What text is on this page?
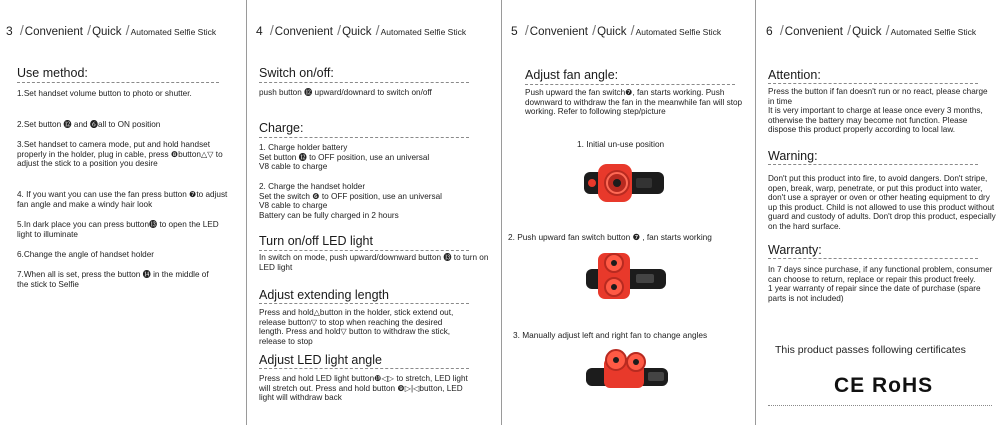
3 /Convenient /Quick /Automated Selfie Stick
Use method:
1.Set handset volume button to photo or shutter.
2.Set button ⓬ and ❻all to ON position
3.Set handset to camera mode, put and hold handset properly in the holder, plug in cable, press ❽button△▽ to adjust the stick to a position you desire
4. If you want you can use the fan press button ❼to adjust fan angle and make a windy hair look
5.In dark place you can press button⓭ to open the LED light to illuminate
6.Change the angle of handset holder
7.When all is set, press the button ⓮ in the middle of the stick to Selfie
4 /Convenient /Quick /Automated Selfie Stick
Switch on/off:
push button ⓬ upward/downard to switch on/off
Charge:
1. Charge holder battery
Set button ⓬ to OFF position, use an universal V8 cable to charge
2. Charge the handset holder
Set the switch ❻ to OFF position, use an universal V8 cable to charge
Battery can be fully charged in 2 hours
Turn on/off LED light
In switch on mode, push upward/downward button ⓭ to turn on LED light
Adjust extending length
Press and hold△button in the holder, stick extend out, release button▽ to stop when reaching the desired length. Press and hold▽ button to withdraw the stick, release to stop
Adjust LED light angle
Press and hold LED light button❿◁▷ to stretch, LED light will stretch out. Press and hold button ❾▷|◁button, LED light will withdraw back
5 /Convenient /Quick /Automated Selfie Stick
Adjust fan angle:
Push upward the fan switch❼, fan starts working. Push downward to withdraw the fan in the meanwhile fan will stop working. Refer to following step/picture
1. Initial un-use position
2. Push upward fan switch button ❼ , fan starts working
3. Manually adjust left and right fan to change angles
6 /Convenient /Quick /Automated Selfie Stick
Attention:
Press the button if fan doesn't run or no react, please charge in time
It is very important to charge at lease once every 3 months, otherwise the battery may become not function. Please dispose this product properly according to local law.
Warning:
Don't put this product into fire, to avoid dangers. Don't stripe, open, break, warp, penetrate, or put this product into water, don't use a sprayer or oven or other heating equipment to dry up this product. Child is not allowed to use this product without guard and custody of adults. Don't drop this product, especially on the hard surface.
Warranty:
In 7 days since purchase, if any functional problem, consumer can choose to return, replace or repair this product freely.
1 year warranty of repair since the date of purchase (spare parts is not included)
This product passes following certificates
CE RoHS
